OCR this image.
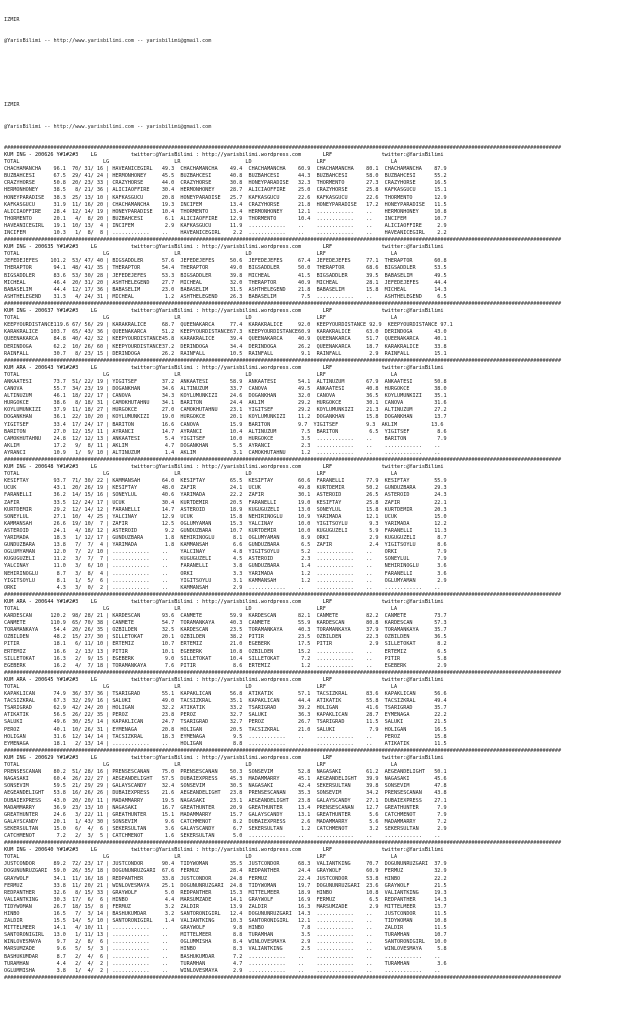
IZMIR

@YarisBilimi -- http://www.yarisbilimi.com -- yarisbilimi@gmail.com

IZMIR

@YarisBilimi -- http://www.yarisbilimi.com -- yarisbilimi@gmail.com

####################################################################################################################################################################################
KUM ING - 200626 Y#1#2#3    LG           twitter:@YarisBilimi : http://yarisbilimi.wordpress.com       LRF                twitter:@YarisBilimi
TOTAL                           LG                     LR                     LD                     LRF                     LA
CHACHAMANCHA    96.1  70/ 31/ 16 | HAVEANICEGIRL   49.3  CHACHAMANCHA    49.4  CHACHAMANCHA    60.9  CHACHAMANCHA    80.1  CHACHAMANCHA    87.9
BUZBAHCESI      67.5  29/ 41/ 24 | HERMONHONEY     45.5  BUZBAHCESI      40.8  BUZBAHCESI      44.3  BUZBAHCESI      58.0  BUZBAHCESI      55.2
CRAZYHORSE      50.8  20/ 23/ 33 | CRAZYHORSE      44.0  CRAZYHORSE      30.8  HONEYPARADISE   32.3  THORMENTO       27.3  CRAZYHORSE      16.5
HERMONHONEY     38.5   8/ 21/ 36 | ALICIAOFFIRE    30.4  HERMONHONEY     28.7  ALICIAOFFIRE    25.0  CRAZYHORSE      25.8  KAFKASGUCU      15.1
HONEYPARADISE   38.3  25/ 13/ 10 | KAFKASGUCU      20.8  HONEYPARADISE   25.7  KAFKASGUCU      22.6  KAFKASGUCU      22.6  THORMENTO       12.9
KAFKASGUCU      31.9  11/ 16/ 20 | CHACHAMANCHA    19.3  INCIFEM         13.4  CRAZYHORSE      21.8  HONEYPARADISE   17.2  HONEYPARADISE   11.5
ALICIAOFFIRE    28.4  12/ 14/ 19 | HONEYPARADISE   10.4  THORMENTO       13.4  HERMONHONEY     12.1  ............    ..    HERMONHONEY     10.8
THORMENTO       20.1   4/  8/ 20 | BUZBAHCESI       6.1  ALICIAOFFIRE    12.9  THORMENTO       10.4  ............    ..    INCIFEM         10.7
HAVEANICEGIRL   19.1  10/ 13/  4 | INCIFEM          2.9  KAFKASGUCU      11.9  ............    ..    ............    ..    ALICIAOFFIRE     2.9
INCIFEM         10.3   1/  8/  8 | ............    ..    HAVEANICEGIRL    2.2  ............    ..    ............    ..    HAVEANICEGIRL    2.2
####################################################################################################################################################################################
KUM ING - 200635 Y#1#2#3    LG           twitter:@YarisBilimi : http://yarisbilimi.wordpress.com       LRF                twitter:@YarisBilimi
TOTAL                           LG                     LR                     LD                     LRF                     LA
JEFEDEJEFES    101.2  53/ 47/ 40 | BIGSADDLER      57.6  JEFEDEJEFES     50.6  JEFEDEJEFES     67.4  JEFEDEJEFES     77.1  THERAPTOR       60.8
THERAPTOR       94.1  48/ 41/ 35 | THERAPTOR       54.4  THERAPTOR       49.0  BIGSADDLER      50.0  THERAPTOR       68.6  BIGSADDLER      53.5
BIGSADDLER      83.6  53/ 30/ 28 | JEFEDEJEFES     53.3  BIGSADDLER      39.8  MICHEAL         41.5  BIGSADDLER      39.5  BABASELIM       49.5
MICHEAL         46.4  20/ 31/ 20 | ASHTHELEGEND    27.7  MICHEAL         32.0  THERAPTOR       40.9  MICHEAL         28.1  JEFEDEJEFES     44.4
BABASELIM       44.4  12/ 17/ 36 | BABASELIM       23.0  BABASELIM       31.5  ASHTHELEGEND    21.8  BABASELIM       15.8  MICHEAL         14.3
ASHTHELEGEND    31.3   4/ 24/ 31 | MICHEAL          1.2  ASHTHELEGEND    26.3  BABASELIM        7.5  ............    ..    ASHTHELEGEND     6.5
####################################################################################################################################################################################
KUM ING - 200637 Y#1#2#3    LG           twitter:@YarisBilimi : http://yarisbilimi.wordpress.com       LRF                twitter:@YarisBilimi
TOTAL                           LG                     LR                     LD                     LRF                     LA
KEEPYOURDISTANCE119.6 67/ 56/ 29 | KARAKRALICE     68.7  QUEENAKARCA     77.4  KARAKRALICE     92.0  KEEPYOURDISTANCE 92.9  KEEPYOURDISTANCE 97.1
KARAKRALICE    103.7  65/ 43/ 36 | QUEENAKARCA     51.2  KEEPYOURDISTANCE67.3  KEEPYOURDISTANCE60.9  KARAKRALICE     63.0  DERINDOGA       43.0
QUEENAKARCA     84.8  40/ 42/ 32 | KEEPYOURDISTANCE45.8  KARAKRALICE     39.4  QUEENAKARCA     40.9  QUEENAKARCA     51.7  QUEENAKARCA     40.1
DERINDOGA       62.2  10/ 26/ 60 | KEEPYOURDISTANCE37.2  DERINDOGA       34.4  DERINDOGA       26.2  QUEENAKARCA     18.7  KARAKRALICE     33.8
RAINFALL        30.7   8/ 23/ 15 | DERINDOGA       26.2  RAINFALL        10.5  RAINFALL         9.1  RAINFALL         2.9  RAINFALL        15.1
####################################################################################################################################################################################
KUM ARA - 200643 Y#1#2#3    LG           twitter:@YarisBilimi : http://yarisbilimi.wordpress.com       LRF                twitter:@YarisBilimi
TOTAL                           LG                     LR                     LD                     LRF                     LA
ANKAATESI       73.7  51/ 22/ 19 | YIGITSEF        37.2  ANKAATESI       58.9  ANKAATESI       54.1  ALTINUZUM       67.9  ANKAATESI       50.8
CANOVA          55.7  34/ 23/ 19 | DOGANKHAN       34.6  ALTINUZUM       33.7  CANOVA          49.5  ANKAATESI       40.8  HURGOKCE        38.0
ALTINUZUM       46.1  18/ 22/ 17 | CANOVA          34.3  KOYLUMUNKIZI    24.6  DOGANKHAN       32.0  CANOVA          36.5  KOYLUMUNKIZI    35.1
HURGOKCE        38.6   8/ 18/ 31 | CAMOKHUTAHNU    34.1  BARITON         24.4  AKLIM           29.2  HURGOKCE        30.1  CANOVA          31.6
KOYLUMUNKIZI    37.9  11/ 18/ 27 | HURGOKCE        27.0  CAMOKHUTAHNU    23.1  YIGITSEF        29.2  KOYLUMUNKIZI    21.3  ALTINUZUM       27.2
DOGANKHAN       36.1  22/ 10/ 20 | KOYLUMUNKIZI    19.0  HURGOKCE        20.1  KOYLUMUNKIZI    11.2  DOGANKHAN       15.8  DOGANKHAN       13.7
YIGITSEF        33.4  17/ 24/ 17 | BARITON         16.6  CANOVA          15.9  BARITON         9.7  YIGITSEF         9.3  AKLIM           13.6
BARITON         27.0  12/ 15/ 11 | AYRANCI         14.7  AYRANCI         10.4  ALTINUZUM        7.5  BARITON          6.5  YIGITSEF         8.6
CAMOKHUTAHNU    24.8  12/ 12/ 13 | ANKAATESI        5.4  YIGITSEF        10.0  HURGOKCE         3.5  ............    ..    BARITON          7.9
AKLIM           17.2   9/  8/ 11 | AKLIM            4.7  DOGANKHAN        5.5  AYRANCI          2.3  ............    ..    ............    ..
AYRANCI         10.9   1/  9/ 10 | ALTINUZUM        1.4  AKLIM            3.1  CAMOKHUTAHNU     1.2  ............    ..    ............    ..
####################################################################################################################################################################################
KUM ING - 200648 Y#1#2#3    LG           twitter:@YarisBilimi : http://yarisbilimi.wordpress.com       LRF                twitter:@YarisBilimi
TOTAL                           LG                     LR                     LD                     LRF                     LA
KESIFTAY        93.7  71/ 30/ 22 | KAMMANSAH       64.0  KESIFTAY        65.5  KESIFTAY        60.6  FARANELLI       77.9  KESIFTAY        55.9
UCUK            43.1  20/ 26/ 19 | KESIFTAY        48.0  ZAFIR           24.1  UCUK            49.8  KURTDEMIR       50.2  GUNDUZBARA      29.3
FARANELLI       36.2  14/ 15/ 16 | SONEYLUL        40.6  YARIMADA        22.2  ZAFIR           30.1  ASTEROID        26.5  ASTEROID        24.3
ZAFIR           33.5  12/ 24/ 17 | UCUK            30.4  KURTDEMIR       20.5  FARANELLI       19.0  KESIFTAY        25.8  ZAFIR           22.1
KURTDEMIR       29.2  12/ 14/ 12 | FARANELLI       14.7  ASTEROID        18.9  KUGUGUZELI      13.0  SONEYLUL        15.8  KURTDEMIR       20.3
SONEYLUL        27.1  10/  4/ 25 | YALCINAY        12.9  UCUK            15.8  NEHIRINOGLU     10.9  YARIMADA        12.1  UCUK            15.0
KAMMANSAH       26.6  19/ 10/  7 | ZAFIR           12.5  OGLUMYAMAN      15.3  YALCINAY        10.0  YIGITSOYLU       9.3  YARIMADA        12.2
ASTEROID        24.1   4/ 18/ 12 | ASTEROID         9.2  GUNDUZBARA      10.7  KURTDEMIR       10.0  KUGUGUZELI       5.9  FARANELLI       11.3
YARIMADA        18.3   1/ 12/ 17 | GUNDUZBARA       1.8  NEHIRINOGLU      8.1  OGLUMYAMAN       8.9  ORKI             2.9  KUGUGUZELI       8.7
GUNDUZBARA      13.8   7/  7/  4 | YARIMADA         1.8  KAMMANSAH        6.6  GUNDUZBARA       6.5  ZAFIR            2.4  YIGITSOYLU       8.6
OGLUMYAMAN      12.0   7/  2/ 10 | ............    ..    YALCINAY         4.8  YIGITSOYLU       5.2  ............    ..    ORKI             7.9
KUGUGUZELI      11.2   3/  7/  7 | ............    ..    KUGUGUZELI       4.5  ASTEROID         2.3  ............    ..    SONEYLUL         7.9
YALCINAY        11.0   3/  6/ 10 | ............    ..    FARANELLI        3.8  GUNDUZBARA       1.4  ............    ..    NEHIRINOGLU      3.6
NEHIRINOGLU      8.7   3/  8/  4 | ............    ..    ORKI             3.3  YARIMADA         1.2  ............    ..    FARANELLI        3.6
YIGITSOYLU       8.1   1/  5/  6 | ............    ..    YIGITSOYLU       3.1  KAMMANSAH        1.2  ............    ..    OGLUMYAMAN       2.9
ORKI             4.3   3/  0/  2 | ............    ..    KAMMANSAH        2.9  ............    ..    ............    ..    ............    ..
####################################################################################################################################################################################
KUM ARA - 200644 Y#1#2#3    LG           twitter:@YarisBilimi : http://yarisbilimi.wordpress.com       LRF                twitter:@YarisBilimi
TOTAL                           LG                     LR                     LD                     LRF                     LA
KARDESCAN      120.2  98/ 28/ 21 | KARDESCAN       93.6  CANMETE         59.9  KARDESCAN       82.1  CANMETE         82.2  CANMETE         73.7
CANMETE        110.9  65/ 70/ 38 | CANMETE         54.7  TORAMANKAYA     40.3  CANMETE         55.9  KARDESCAN       80.8  KARDESCAN       57.3
TORAMANKAYA     54.4  20/ 26/ 35 | OZBILDEN        32.5  KARDESCAN       23.5  TORAMANKAYA     40.3  TORAMANKAYA     37.9  TORAMANKAYA     35.7
OZBILDEN        48.2  15/ 27/ 30 | SILLETOKAT      20.1  OZBILDEN        38.2  PITIR           23.5  OZBILDEN        22.3  OZBILDEN        36.5
PITIR           18.1   6/ 11/ 10 | ERTEMIZ         10.7  ERTEMIZ         21.0  EGEBERK         17.5  PITIR            2.9  SILLETOKAT       8.2
ERTEMIZ         16.6   2/ 13/ 13 | PITIR           10.1  EGEBERK         10.8  OZBILDEN        15.2  ............    ..    ERTEMIZ          6.5
SILLETOKAT      16.3   2/  9/ 15 | EGEBERK          9.0  SILLETOKAT      10.4  SILLETOKAT       7.2  ............    ..    PITIR            5.8
EGEBERK         16.2   4/  7/ 18 | TORAMANKAYA      7.6  PITIR            8.6  ERTEMIZ          1.2  ............    ..    EGEBERK          2.9
####################################################################################################################################################################################
KUM ARA - 200645 Y#1#2#3    LG           twitter:@YarisBilimi : http://yarisbilimi.wordpress.com       LRF                twitter:@YarisBilimi
TOTAL                           LG                     LR                     LD                     LRF                     LA
KAPAKLICAN      74.9  36/ 37/ 36 | TSARIGRAD       55.1  KAPAKLICAN      56.8  ATIKATIK        57.1  TACSIZKRAL      83.6  KAPAKLICAN      56.6
TACSIZKRAL      67.3  32/ 29/ 16 | SALUKI          49.0  TACSIZKRAL      35.1  KAPAKLICAN      44.4  ATIKATIK        55.8  TACSIZKRAL      49.4
TSARIGRAD       62.9  42/ 24/ 20 | HOLIGAN         32.2  ATIKATIK        33.2  TSARIGRAD       39.2  HOLIGAN         41.6  TSARIGRAD       35.7
ATIKATIK        56.5  26/ 22/ 35 | PEROZ           23.8  PEROZ           32.7  SALUKI          36.3  KAPAKLICAN      28.7  EYMENAGA        22.2
SALUKI          49.6  30/ 25/ 14 | KAPAKLICAN      24.7  TSARIGRAD       32.7  PEROZ           26.7  TSARIGRAD       11.5  SALUKI          21.5
PEROZ           40.1  10/ 26/ 31 | EYMENAGA        20.8  HOLIGAN         20.5  TACSIZKRAL      21.0  SALUKI           7.9  HOLIGAN         16.5
HOLIGAN         31.6  12/ 14/ 14 | TACSIZKRAL      18.3  EYMENAGA         9.5  ............    ..    ............    ..    PEROZ           15.8
EYMENAGA        18.1   2/ 13/ 14 | ............    ..    HOLIGAN          8.8  ............    ..    ............    ..    ATIKATIK        11.5
####################################################################################################################################################################################
KUM ING - 200629 Y#1#2#3    LG           twitter:@YarisBilimi : http://yarisbilimi.wordpress.com       LRF                twitter:@YarisBilimi
TOTAL                           LG                     LR                     LD                     LRF                     LA
PRENSESCANAN    80.2  51/ 28/ 16 | PRENSESCANAN    75.0  PRENSESCANAN    50.3  SONSEVIM        52.8  NAGASAKI        61.2  AEGEANDELIGHT   50.1
NAGASAKI        60.4  26/ 22/ 27 | AEGEANDELIGHT   57.5  DUBAIEXPRESS    45.3  MADAMMARRY      45.1  AEGEANDELIGHT   39.9  NAGASAKI        45.6
SONSEVIM        59.5  21/ 29/ 29 | GALAYSCANDY     32.4  SONSEVIM        30.5  NAGASAKI        42.4  SEKERSULTAN     39.8  SONSEVIM        47.8
AEGEANDELIGHT   53.8  16/ 26/ 26 | DUBAIEXPRESS    21.6  AEGEANDELIGHT   23.8  PRENSESCANAN    35.3  SONSEVIM        34.2  PRENSESCANAN    43.8
DUBAIEXPRESS    43.0  20/ 20/ 11 | MADAMMARRY      19.5  NAGASAKI        23.1  AEGEANDELIGHT   23.8  GALAYSCANDY     27.1  DUBAIEXPRESS    27.1
MADAMMARRY      36.9  23/ 13/ 10 | NAGASAKI        16.7  GREATHUNTER     20.9  GREATHUNTER     13.4  PRENSESCANAN    12.7  GREATHUNTER      7.9
GREATHUNTER     24.6   3/ 22/ 11 | GREATHUNTER     15.1  MADAMMARRY      15.7  GALAYSCANDY     13.1  GREATHUNTER      5.6  CATCHMENOT       7.9
GALAYSCANDY     20.1   1/ 43/ 30 | SONSEVIM         9.6  CATCHMENOT       8.2  DUBAIEXPRESS     2.6  MADAMMARRY       5.6  MADAMMARRY       7.2
SEKERSULTAN     15.0   6/  4/  6 | SEKERSULTAN      3.6  GALAYSCANDY      6.7  SEKERSULTAN      1.2  CATCHMENOT       3.2  SEKERSULTAN      2.9
CATCHMENOT       7.2   2/  3/  5 | CATCHMENOT       1.6  SEKERSULTAN      5.0  ............    ..    ............    ..    ............    ..
####################################################################################################################################################################################
KUM ING - 200640 Y#1#2#3    LG           twitter:@YarisBilimi : http://yarisbilimi.wordpress.com       LRF                twitter:@YarisBilimi
TOTAL                           LG                     LR                     LD                     LRF                     LA
JUSTCONDOR      89.2  72/ 23/ 17 | JUSTCONDOR      90.4  TIDYWOMAN       35.5  JUSTCONDOR      68.3  VALIANTKING     70.7  DOGUNUNRUZGARI  37.9
DOGUNUNRUZGARI  59.0  26/ 35/ 18 | DOGUNUNRUZGARI  67.6  FERMUZ          28.4  REDPANTHER      24.4  GRAYWOLF        60.9  FERMUZ          32.9
GRAYWOLF        34.1  11/ 16/ 18 | REDPANTHER      33.8  JUSTCONDOR      24.8  FERMUZ          22.4  JUSTCONDOR      53.8  HINBO           22.2
FERMUZ          33.8  11/ 20/ 21 | WINLOVESMAYA    25.1  DOGUNUNRUZGARI  24.8  TIDYWOMAN       19.7  DOGUNUNRUZGARI  23.6  GRAYWOLF        21.5
REDPANTHER      32.6   8/ 15/ 33 | GRAYWOLF         5.0  REDPANTHER      15.3  MITTELMEER      18.9  HINBO           10.8  VALIANTKING     19.3
VALIANTKING     30.3  17/  6/  6 | HINBO            4.4  MARSUMZADE      14.1  GRAYWOLF        16.9  FERMUZ           6.5  REDPANTHER      14.3
TIDYWOMAN       26.7  18/ 15/  8 | FERMUZ           3.2  ZALDIR          13.9  ZALDIR          16.3  MARSUMZADE       2.9  MITTELMEER      13.7
HINBO           16.5   7/  3/ 14 | BASHUKUMDAR      3.2  SANTORONIGIRL   12.4  DOGUNUNRUZGARI  14.3  ............    ..    JUSTCONDOR      11.5
ZALDIR          15.5  14/  5/ 10 | SANTORONIGIRL    1.4  VALIANTKING     10.3  SANTORONIGIRL   12.1  ............    ..    TIDYWOMAN       10.8
MITTELMEER      14.1   4/ 10/ 11 | ............    ..    GRAYWOLF         9.8  HINBO            7.8  ............    ..    ZALDIR          11.5
SANTORONIGIRL   13.0   1/ 11/ 13 | ............    ..    MITTELMEER       8.8  TURAMHAN         3.5  ............    ..    TURAMHAN        10.7
WINLOVESMAYA     9.7   2/  8/  6 | ............    ..    OGLUMMISHA       8.4  WINLOVESMAYA     2.9  ............    ..    SANTORONIGIRL   10.0
MARSUMZADE       9.6   5/  5/  3 | ............    ..    HINBO            8.3  VALIANTKING      2.5  ............    ..    WINLOVESMAYA     5.8
BASHUKUMDAR      8.7   2/  4/  6 | ............    ..    BASHUKUMDAR      7.2  ............    ..    ............    ..    ............    ..
TURAMHAN         4.4   2/  4/  2 | ............    ..    TURAMHAN         4.7  ............    ..    ............    ..    TURAMHAN         3.6
OGLUMMISHA       3.8   1/  4/  2 | ............    ..    WINLOVESMAYA     2.9  ............    ..    ............    ..    ............    ..
####################################################################################################################################################################################
